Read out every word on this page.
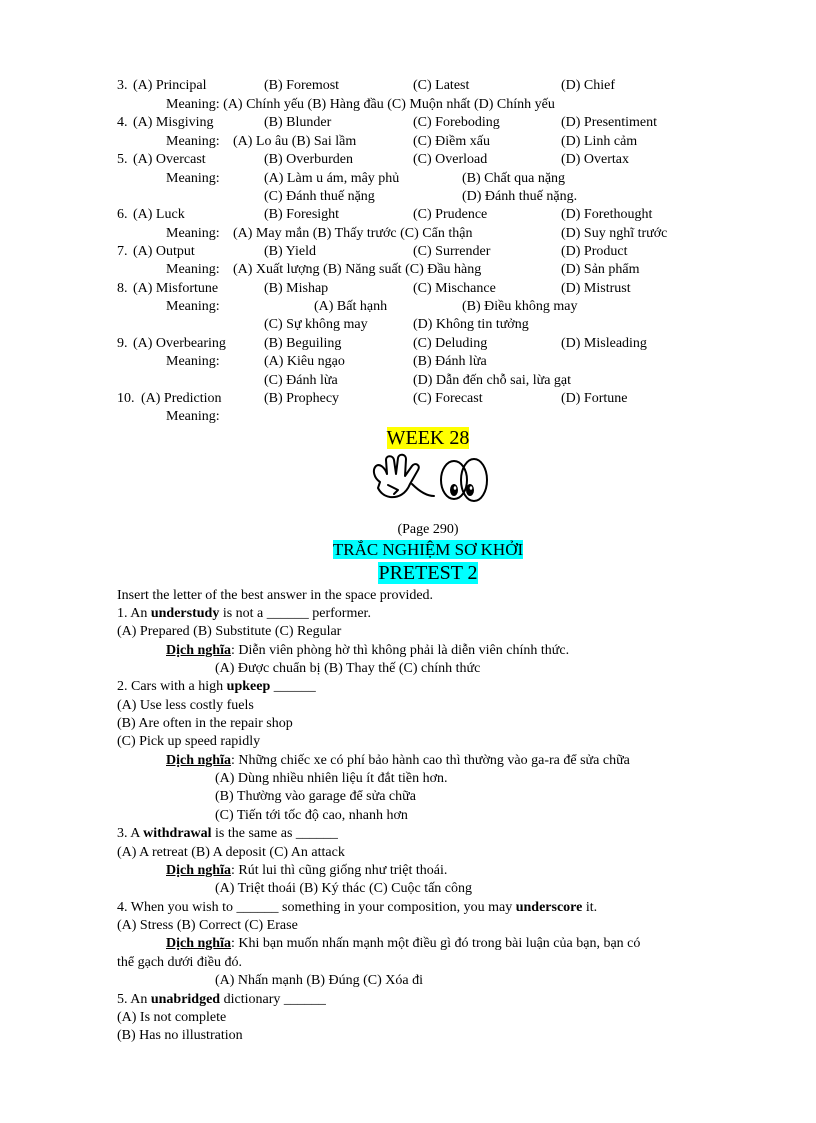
3. (A) Principal	(B) Foremost	(C) Latest	(D) Chief
Meaning: (A) Chính yếu (B) Hàng đầu (C) Muộn nhất (D) Chính yếu
4. (A) Misgiving	(B) Blunder	(C) Foreboding	(D) Presentiment
Meaning: (A) Lo âu (B) Sai lầm	(C) Điềm xấu	(D) Linh cảm
5. (A) Overcast	(B) Overburden	(C) Overload	(D) Overtax
Meaning:	(A) Làm u ám, mây phủ	(B) Chất qua nặng
(C) Đánh thuế nặng	(D) Đánh thuế nặng.
6. (A) Luck	(B) Foresight	(C) Prudence	(D) Forethought
Meaning: (A) May mắn (B) Thấy trước (C) Cẩn thận	(D) Suy nghĩ trước
7. (A) Output	(B) Yield	(C) Surrender	(D) Product
Meaning: (A) Xuất lượng (B) Năng suất (C) Đầu hàng	(D) Sản phẩm
8. (A) Misfortune	(B) Mishap	(C) Mischance	(D) Mistrust
Meaning:	(A) Bất hạnh	(B) Điều không may
(C) Sự không may	(D) Không tin tưởng
9. (A) Overbearing	(B) Beguiling	(C) Deluding	(D) Misleading
Meaning:	(A) Kiêu ngạo	(B) Đánh lừa
(C) Đánh lừa	(D) Dẫn đến chỗ sai, lừa gạt
10. (A) Prediction	(B) Prophecy	(C) Forecast	(D) Fortune
Meaning:
WEEK 28
(Page 290)
TRẮC NGHIỆM SƠ KHỞI
PRETEST 2
Insert the letter of the best answer in the space provided.
1. An understudy is not a ______ performer.
(A) Prepared (B) Substitute (C) Regular
Dịch nghĩa: Diễn viên phòng hờ thì không phải là diễn viên chính thức.
(A) Được chuẩn bị (B) Thay thế (C) chính thức
2. Cars with a high upkeep ______
(A) Use less costly fuels
(B) Are often in the repair shop
(C) Pick up speed rapidly
Dịch nghĩa: Những chiếc xe có phí bảo hành cao thì thường vào ga-ra để sửa chữa
(A) Dùng nhiều nhiên liệu ít đắt tiền hơn.
(B) Thường vào garage để sửa chữa
(C) Tiến tới tốc độ cao, nhanh hơn
3. A withdrawal is the same as ______
(A) A retreat (B) A deposit (C) An attack
Dịch nghĩa: Rút lui thì cũng giống như triệt thoái.
(A) Triệt thoái (B) Ký thác (C) Cuộc tấn công
4. When you wish to ______ something in your composition, you may underscore it.
(A) Stress (B) Correct (C) Erase
Dịch nghĩa: Khi bạn muốn nhấn mạnh một điều gì đó trong bài luận của bạn, bạn có
thể gạch dưới điều đó.
(A) Nhấn mạnh (B) Đúng (C) Xóa đi
5. An unabridged dictionary ______
(A) Is not complete
(B) Has no illustration
